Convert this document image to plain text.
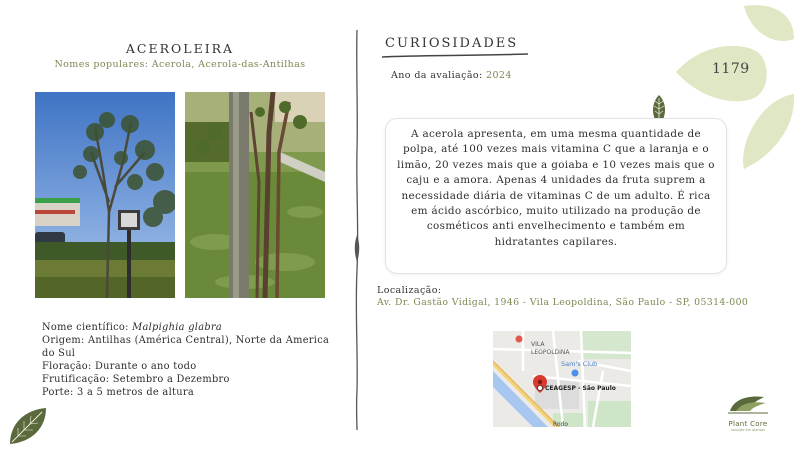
ACEROLEIRA
Nomes populares: Acerola, Acerola-das-Antilhas

Nome científico: Malpighia glabra

Origem: Antilhas (América Central), Norte da America do Sul

Floração: Durante o ano todo

Frutificação: Setembro a Dezembro

Porte: 3 a 5 metros de altura

CURIOSIDADES
Ano da avaliação: 2024	1179

A acerola apresenta, em uma mesma quantidade de polpa, até 100 vezes mais vitamina C que a laranja e o limão, 20 vezes mais que a goiaba e 10 vezes mais que o caju e a amora. Apenas 4 unidades da fruta suprem a necessidade diária de vitaminas C de um adulto. É rica em ácido ascórbico, muito utilizado na produção de cosméticos anti envelhecimento e também em hidratantes capilares.

Localização:
Av. Dr. Gastão Vidigal, 1946 - Vila Leopoldina, São Paulo - SP, 05314-000
Sam's Club
VILA
LEOPOLDINA
CEAGESP - São Paulo
Rodo	Plant Core
solução em plantas
